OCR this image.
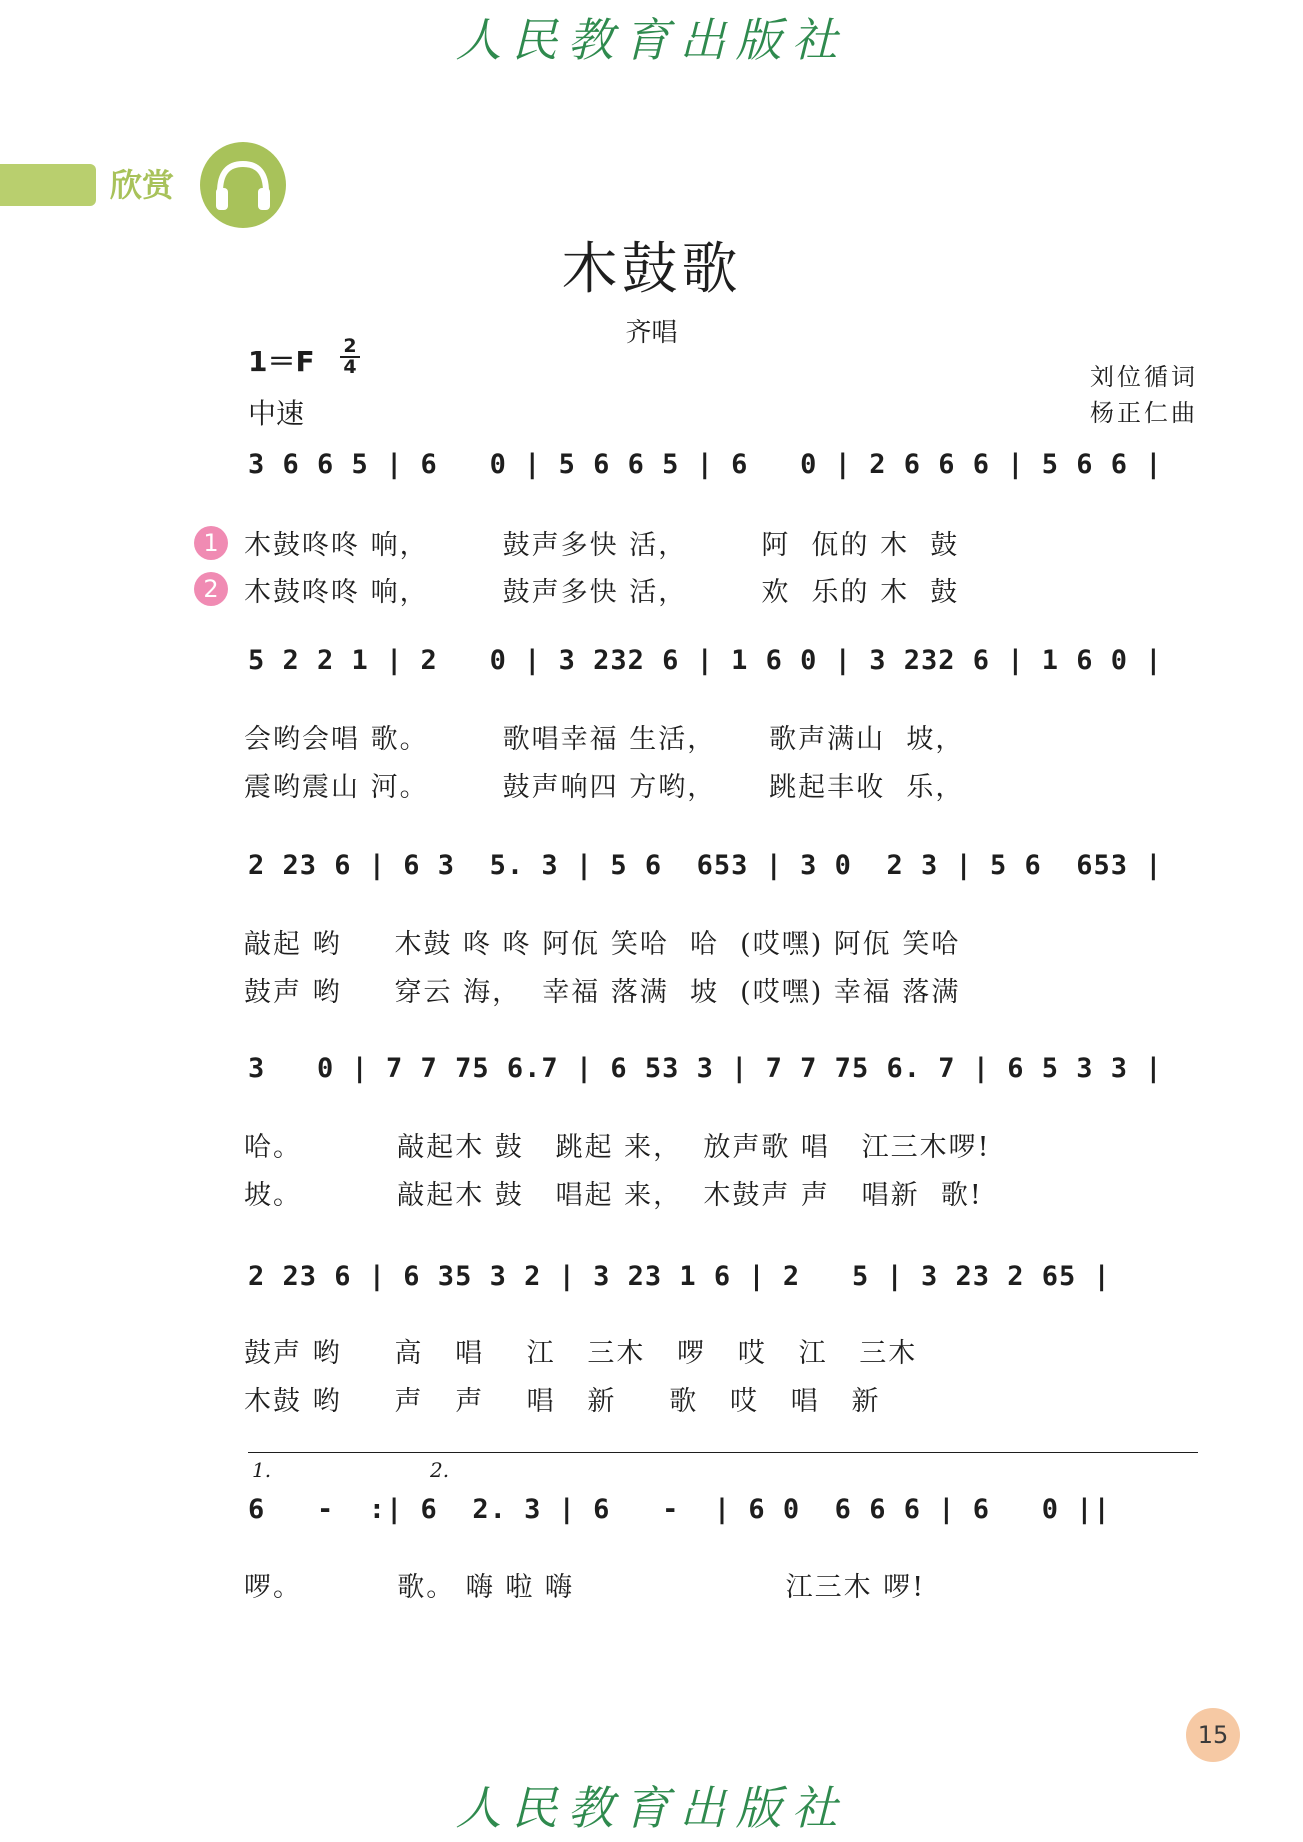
人民教育出版社
欣赏
木鼓歌
齐唱
1＝F 2
4
中速
刘位循词
杨正仁曲
3 6 6 5 | 6   0 | 5 6 6 5 | 6   0 | 2 6 6 6 | 5 6 6 |
1
2
木鼓咚咚 响，       鼓声多快 活，       阿  佤的 木  鼓
木鼓咚咚 响，       鼓声多快 活，       欢  乐的 木  鼓
5 2 2 1 | 2   0 | 3 232 6 | 1 6 0 | 3 232 6 | 1 6 0 |
会哟会唱 歌。       歌唱幸福 生活，     歌声满山  坡，
震哟震山 河。       鼓声响四 方哟，     跳起丰收  乐，
2 23 6 | 6 3  5. 3 | 5 6  653 | 3 0  2 3 | 5 6  653 |
敲起 哟     木鼓 咚 咚 阿佤 笑哈  哈  (哎嘿) 阿佤 笑哈
鼓声 哟     穿云 海，  幸福 落满  坡  (哎嘿) 幸福 落满
3   0 | 7 7 75 6.7 | 6 53 3 | 7 7 75 6. 7 | 6 5 3 3 |
哈。         敲起木 鼓   跳起 来，  放声歌 唱   江三木啰!
坡。         敲起木 鼓   唱起 来，  木鼓声 声   唱新  歌!
2 23 6 | 6 35 3 2 | 3 23 1 6 | 2   5 | 3 23 2 65 |
鼓声 哟     高   唱    江   三木   啰   哎   江   三木
木鼓 哟     声   声    唱   新     歌   哎   唱   新
1.	2.
6   -  :| 6  2. 3 | 6   -  | 6 0  6 6 6 | 6   0 ||
啰。         歌。 嗨 啦 嗨                    江三木 啰!
15
人民教育出版社
